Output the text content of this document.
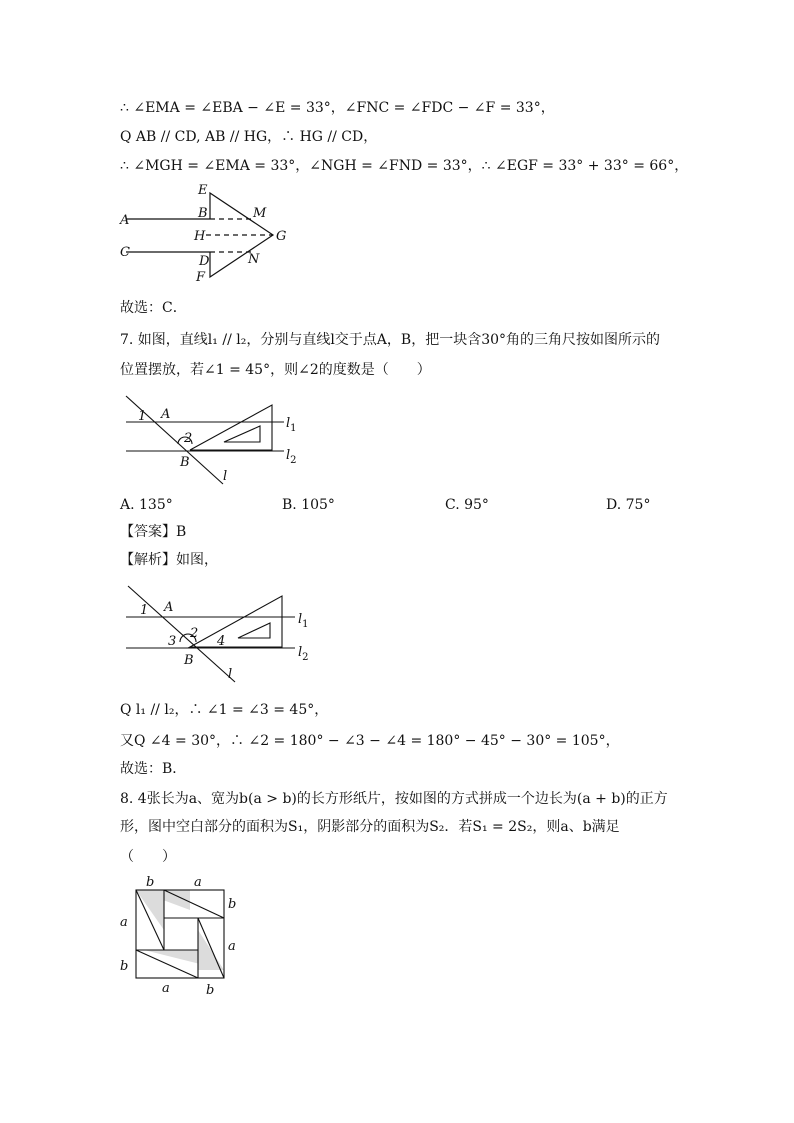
∴ ∠EMA = ∠EBA − ∠E = 33°，∠FNC = ∠FDC − ∠F = 33°，
Q AB // CD, AB // HG，∴ HG // CD，
∴ ∠MGH = ∠EMA = 33°，∠NGH = ∠FND = 33°，∴ ∠EGF = 33° + 33° = 66°，
E
B	M
A
H	G
C
D	N
F
故选：C．
7. 如图，直线l₁ // l₂，分别与直线l交于点A，B，把一块含30°角的三角尺按如图所示的
位置摆放，若∠1 = 45°，则∠2的度数是（　　）
1 A
2
B
l
$l_1$
$l_2$
A. 135°	B. 105°	C. 95°	D. 75°
【答案】B
【解析】如图，
1 A
3
2
4
B
l
$l_1$
$l_2$
Q l₁ // l₂，∴ ∠1 = ∠3 = 45°，
又Q ∠4 = 30°，∴ ∠2 = 180° − ∠3 − ∠4 = 180° − 45° − 30° = 105°，
故选：B．
8. 4张长为a、宽为b(a > b)的长方形纸片，按如图的方式拼成一个边长为(a + b)的正方
形，图中空白部分的面积为S₁，阴影部分的面积为S₂．若S₁ = 2S₂，则a、b满足
（　　）
b	a
a
b
b
a
a	b
